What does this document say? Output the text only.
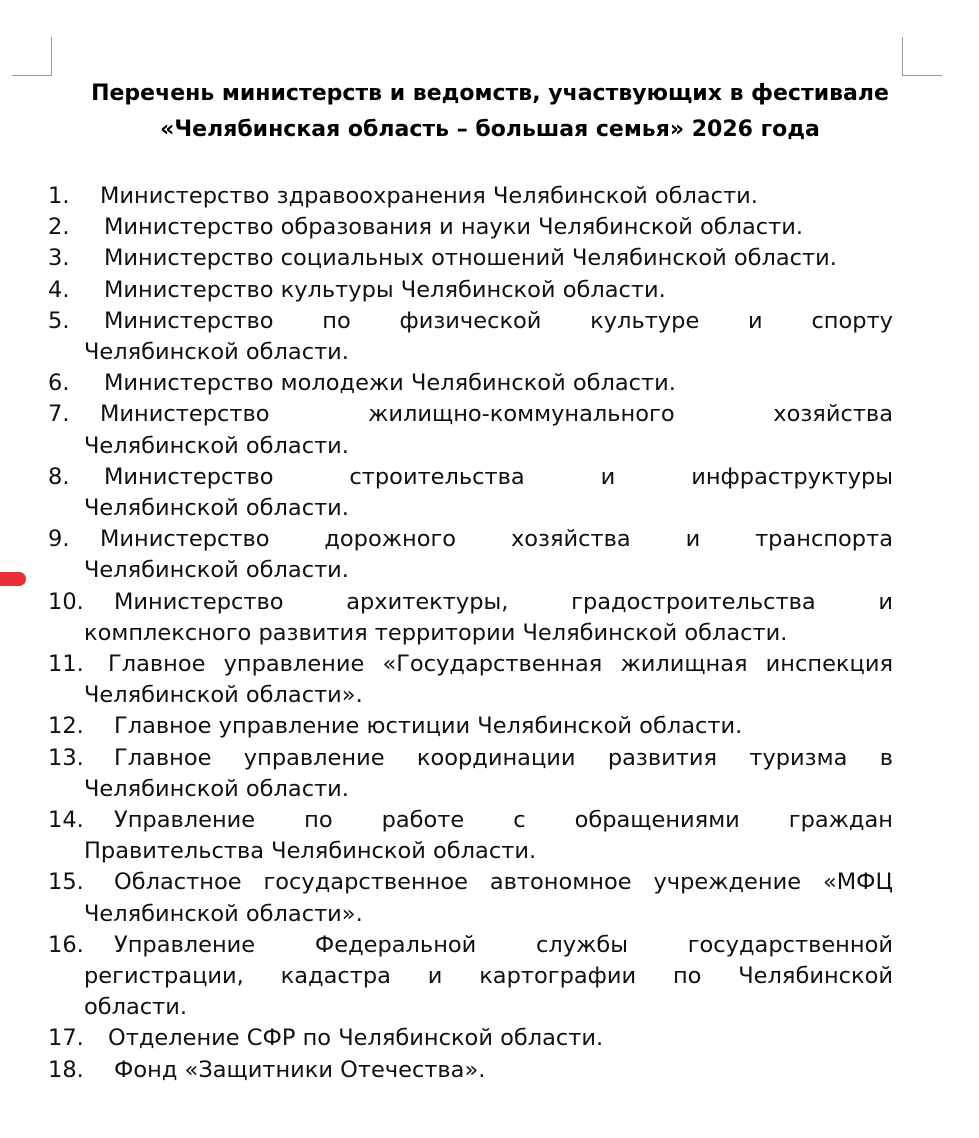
Перечень министерств и ведомств, участвующих в фестивале
«Челябинская область – большая семья» 2026 года
1. Министерство здравоохранения Челябинской области.
2. Министерство образования и науки Челябинской области.
3. Министерство социальных отношений Челябинской области.
4. Министерство культуры Челябинской области.
5. Министерство по физической культуре и спорту
Челябинской области.
6. Министерство молодежи Челябинской области.
7. Министерство жилищно-коммунального хозяйства
Челябинской области.
8. Министерство строительства и инфраструктуры
Челябинской области.
9. Министерство дорожного хозяйства и транспорта
Челябинской области.
10. Министерство архитектуры, градостроительства и
комплексного развития территории Челябинской области.
11. Главное управление «Государственная жилищная инспекция
Челябинской области».
12. Главное управление юстиции Челябинской области.
13. Главное управление координации развития туризма в
Челябинской области.
14. Управление по работе с обращениями граждан
Правительства Челябинской области.
15. Областное государственное автономное учреждение «МФЦ
Челябинской области».
16. Управление Федеральной службы государственной
регистрации, кадастра и картографии по Челябинской
области.
17. Отделение СФР по Челябинской области.
18. Фонд «Защитники Отечества».
